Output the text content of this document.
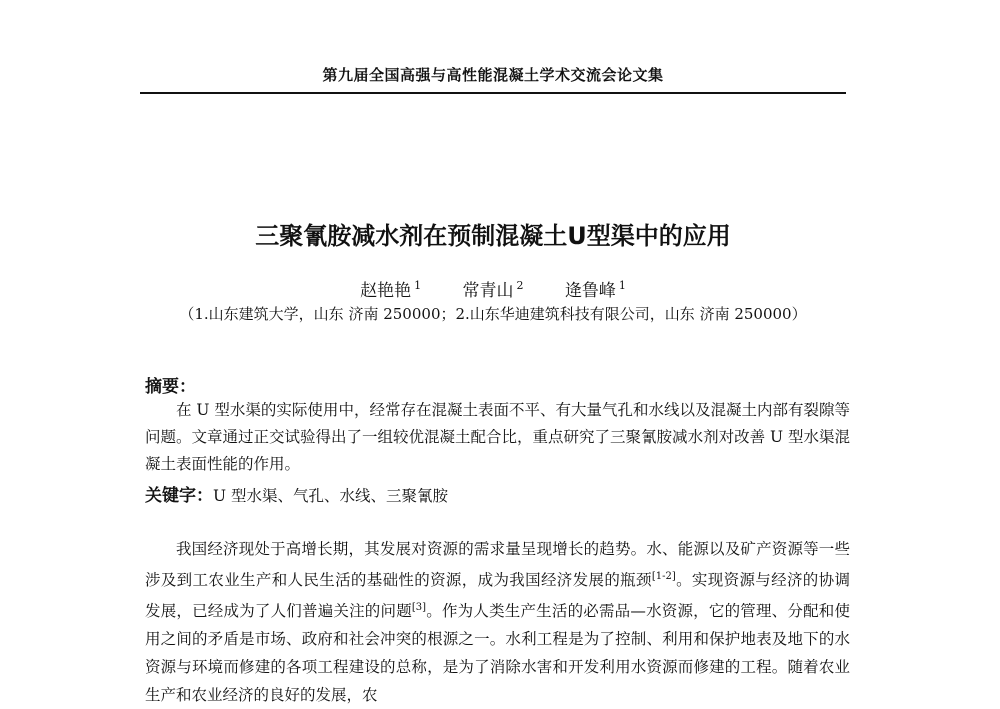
第九届全国高强与高性能混凝土学术交流会论文集
三聚氰胺减水剂在预制混凝土U型渠中的应用
赵艳艳 $^1$ 常青山 $^2$ 逄鲁峰 $^1$
（1.山东建筑大学，山东 济南 250000；2.山东华迪建筑科技有限公司，山东 济南 250000）
摘要：
在 U 型水渠的实际使用中，经常存在混凝土表面不平、有大量气孔和水线以及混凝土内部有裂隙等问题。文章通过正交试验得出了一组较优混凝土配合比，重点研究了三聚氰胺减水剂对改善 U 型水渠混凝土表面性能的作用。
关键字：U 型水渠、气孔、水线、三聚氰胺
我国经济现处于高增长期，其发展对资源的需求量呈现增长的趋势。水、能源以及矿产资源等一些涉及到工农业生产和人民生活的基础性的资源，成为我国经济发展的瓶颈[1-2]。实现资源与经济的协调发展，已经成为了人们普遍关注的问题[3]。作为人类生产生活的必需品—水资源，它的管理、分配和使用之间的矛盾是市场、政府和社会冲突的根源之一。水利工程是为了控制、利用和保护地表及地下的水资源与环境而修建的各项工程建设的总称，是为了消除水害和开发利用水资源而修建的工程。随着农业生产和农业经济的良好的发展，农
